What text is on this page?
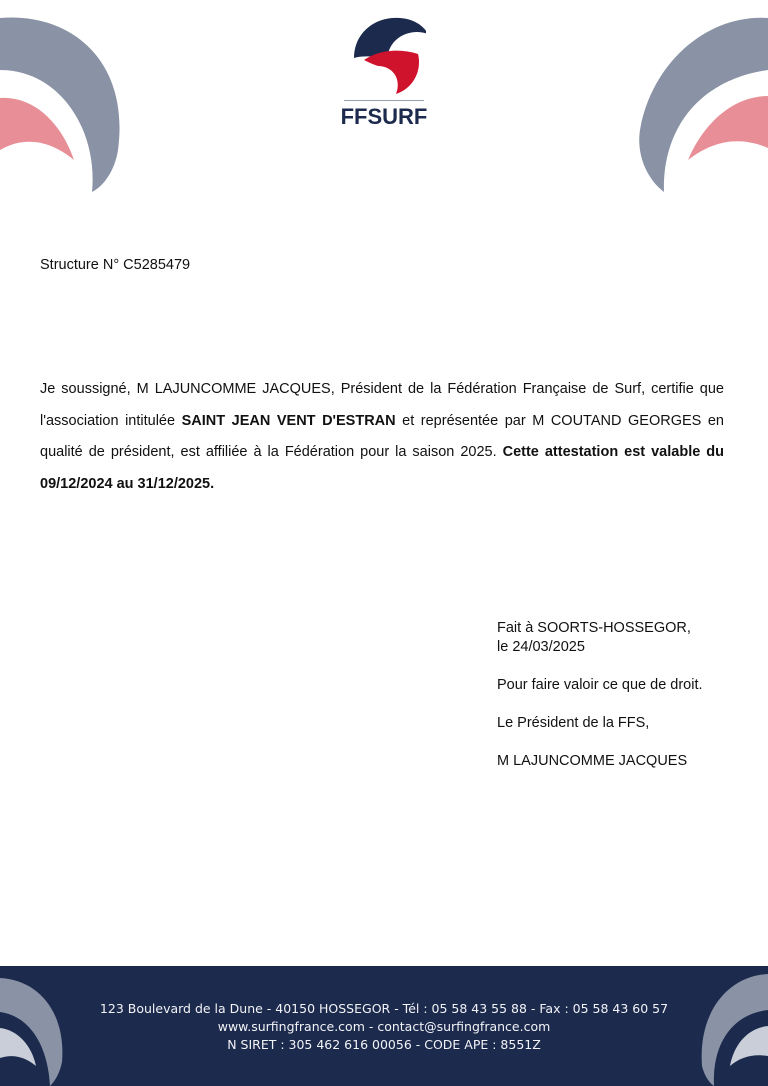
FFSURF
Structure N° C5285479
Je soussigné, M LAJUNCOMME JACQUES, Président de la Fédération Française de Surf, certifie que l'association intitulée SAINT JEAN VENT D'ESTRAN et représentée par M COUTAND GEORGES en qualité de président, est affiliée à la Fédération pour la saison 2025. Cette attestation est valable du 09/12/2024 au 31/12/2025.

Fait à SOORTS-HOSSEGOR,

le 24/03/2025

Pour faire valoir ce que de droit.

Le Président de la FFS,

M LAJUNCOMME JACQUES

123 Boulevard de la Dune - 40150 HOSSEGOR - Tél : 05 58 43 55 88 - Fax : 05 58 43 60 57
www.surfingfrance.com - contact@surfingfrance.com
N SIRET : 305 462 616 00056 - CODE APE : 8551Z
